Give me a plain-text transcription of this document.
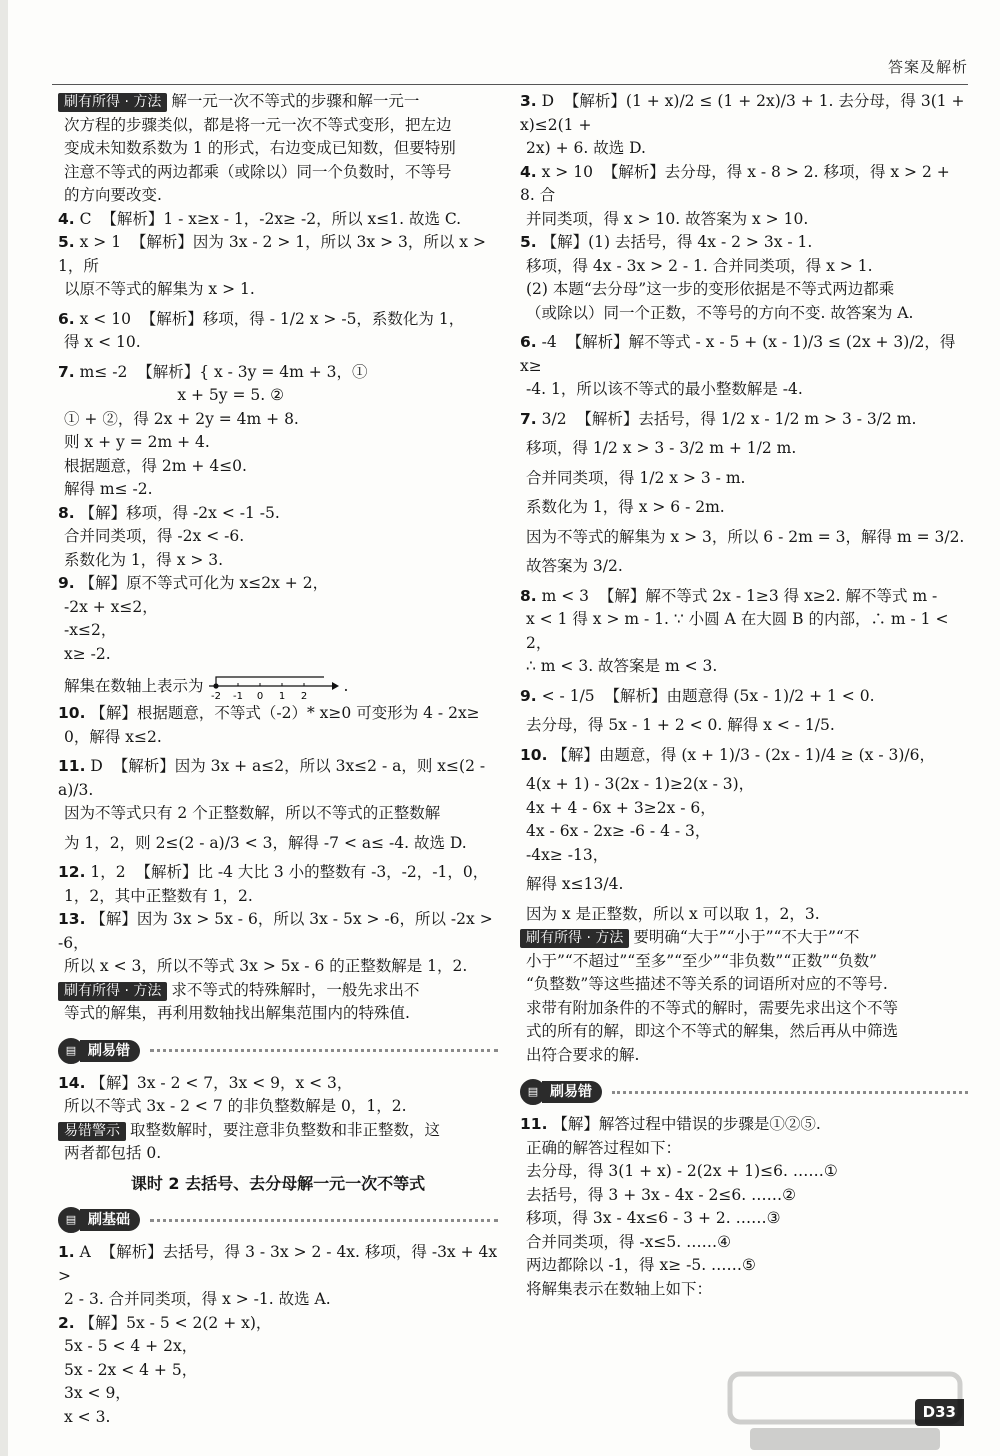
答案及解析

刷有所得 · 方法 解一元一次不等式的步骤和解一元一

次方程的步骤类似，都是将一元一次不等式变形，把左边

变成未知数系数为 1 的形式，右边变成已知数，但要特别

注意不等式的两边都乘（或除以）同一个负数时，不等号

的方向要改变.

4. C  【解析】1 - x≥x - 1，-2x≥ -2，所以 x≤1. 故选 C.

5. x > 1  【解析】因为 3x - 2 > 1，所以 3x > 3，所以 x > 1，所

以原不等式的解集为 x > 1.

6. x < 10  【解析】移项，得 - 1/2 x > -5，系数化为 1，

得 x < 10.

7. m≤ -2  【解析】{ x - 3y = 4m + 3，①

x + 5y = 5. ②

① + ②，得 2x + 2y = 4m + 8.

则 x + y = 2m + 4.

根据题意，得 2m + 4≤0.

解得 m≤ -2.

8. 【解】移项，得 -2x < -1 -5.

合并同类项，得 -2x < -6.

系数化为 1，得 x > 3.

9. 【解】原不等式可化为 x≤2x + 2，

-2x + x≤2，

-x≤2，

x≥ -2.

解集在数轴上表示为
-2 -1 0 1 2
.

10. 【解】根据题意，不等式（-2）* x≥0 可变形为 4 - 2x≥

0，解得 x≤2.

11. D  【解析】因为 3x + a≤2，所以 3x≤2 - a，则 x≤(2 - a)/3.

因为不等式只有 2 个正整数解，所以不等式的正整数解

为 1，2，则 2≤(2 - a)/3 < 3，解得 -7 < a≤ -4. 故选 D.

12. 1，2  【解析】比 -4 大比 3 小的整数有 -3，-2，-1，0，

1，2，其中正整数有 1，2.

13. 【解】因为 3x > 5x - 6，所以 3x - 5x > -6，所以 -2x > -6，

所以 x < 3，所以不等式 3x > 5x - 6 的正整数解是 1，2.

刷有所得 · 方法 求不等式的特殊解时，一般先求出不

等式的解集，再利用数轴找出解集范围内的特殊值.

▤ 刷易错

14. 【解】3x - 2 < 7，3x < 9，x < 3，

所以不等式 3x - 2 < 7 的非负整数解是 0，1，2.

易错警示 取整数解时，要注意非负整数和非正整数，这

两者都包括 0.

课时 2 去括号、去分母解一元一次不等式
▤ 刷基础

1. A  【解析】去括号，得 3 - 3x > 2 - 4x. 移项，得 -3x + 4x >

2 - 3. 合并同类项，得 x > -1. 故选 A.

2. 【解】5x - 5 < 2(2 + x)，

5x - 5 < 4 + 2x，

5x - 2x < 4 + 5，

3x < 9，

x < 3.

3. D  【解析】(1 + x)/2 ≤ (1 + 2x)/3 + 1. 去分母，得 3(1 + x)≤2(1 +

2x) + 6. 故选 D.

4. x > 10  【解析】去分母，得 x - 8 > 2. 移项，得 x > 2 + 8. 合

并同类项，得 x > 10. 故答案为 x > 10.

5. 【解】(1) 去括号，得 4x - 2 > 3x - 1.

移项，得 4x - 3x > 2 - 1. 合并同类项，得 x > 1.

(2) 本题“去分母”这一步的变形依据是不等式两边都乘

（或除以）同一个正数，不等号的方向不变. 故答案为 A.

6. -4  【解析】解不等式 - x - 5 + (x - 1)/3 ≤ (2x + 3)/2，得 x≥

-4. 1，所以该不等式的最小整数解是 -4.

7. 3/2  【解析】去括号，得 1/2 x - 1/2 m > 3 - 3/2 m.

移项，得 1/2 x > 3 - 3/2 m + 1/2 m.

合并同类项，得 1/2 x > 3 - m.

系数化为 1，得 x > 6 - 2m.

因为不等式的解集为 x > 3，所以 6 - 2m = 3，解得 m = 3/2.

故答案为 3/2.

8. m < 3  【解】解不等式 2x - 1≥3 得 x≥2. 解不等式 m -

x < 1 得 x > m - 1. ∵ 小圆 A 在大圆 B 的内部，∴ m - 1 < 2，

∴ m < 3. 故答案是 m < 3.

9. < - 1/5  【解析】由题意得 (5x - 1)/2 + 1 < 0.

去分母，得 5x - 1 + 2 < 0. 解得 x < - 1/5.

10. 【解】由题意，得 (x + 1)/3 - (2x - 1)/4 ≥ (x - 3)/6，

4(x + 1) - 3(2x - 1)≥2(x - 3)，

4x + 4 - 6x + 3≥2x - 6，

4x - 6x - 2x≥ -6 - 4 - 3，

-4x≥ -13，

解得 x≤13/4.

因为 x 是正整数，所以 x 可以取 1，2，3.

刷有所得 · 方法 要明确“大于”“小于”“不大于”“不

小于”“不超过”“至多”“至少”“非负数”“正数”“负数”

“负整数”等这些描述不等关系的词语所对应的不等号.

求带有附加条件的不等式的解时，需要先求出这个不等

式的所有的解，即这个不等式的解集，然后再从中筛选

出符合要求的解.

▤ 刷易错

11. 【解】解答过程中错误的步骤是①②⑤.

正确的解答过程如下：

去分母，得 3(1 + x) - 2(2x + 1)≤6. ……①

去括号，得 3 + 3x - 4x - 2≤6. ……②

移项，得 3x - 4x≤6 - 3 + 2. ……③

合并同类项，得 -x≤5. ……④

两边都除以 -1，得 x≥ -5. ……⑤

将解集表示在数轴上如下：

D33
